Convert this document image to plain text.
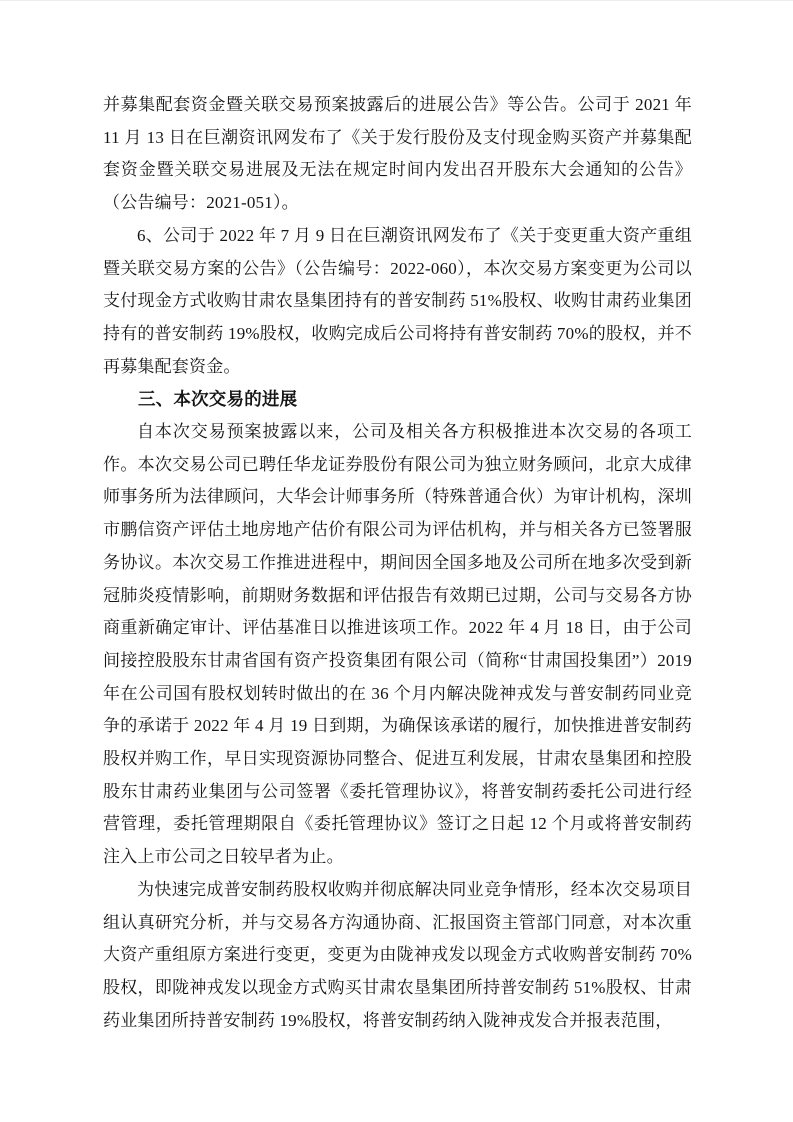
并募集配套资金暨关联交易预案披露后的进展公告》等公告。公司于 2021 年 11 月 13 日在巨潮资讯网发布了《关于发行股份及支付现金购买资产并募集配套资金暨关联交易进展及无法在规定时间内发出召开股东大会通知的公告》（公告编号：2021-051）。

6、公司于 2022 年 7 月 9 日在巨潮资讯网发布了《关于变更重大资产重组暨关联交易方案的公告》（公告编号：2022-060），本次交易方案变更为公司以支付现金方式收购甘肃农垦集团持有的普安制药 51%股权、收购甘肃药业集团持有的普安制药 19%股权，收购完成后公司将持有普安制药 70%的股权，并不再募集配套资金。

三、本次交易的进展

自本次交易预案披露以来，公司及相关各方积极推进本次交易的各项工作。本次交易公司已聘任华龙证券股份有限公司为独立财务顾问，北京大成律师事务所为法律顾问，大华会计师事务所（特殊普通合伙）为审计机构，深圳市鹏信资产评估土地房地产估价有限公司为评估机构，并与相关各方已签署服务协议。本次交易工作推进进程中，期间因全国多地及公司所在地多次受到新冠肺炎疫情影响，前期财务数据和评估报告有效期已过期，公司与交易各方协商重新确定审计、评估基准日以推进该项工作。2022 年 4 月 18 日，由于公司间接控股股东甘肃省国有资产投资集团有限公司（简称“甘肃国投集团”）2019 年在公司国有股权划转时做出的在 36 个月内解决陇神戎发与普安制药同业竞争的承诺于 2022 年 4 月 19 日到期，为确保该承诺的履行，加快推进普安制药股权并购工作，早日实现资源协同整合、促进互利发展，甘肃农垦集团和控股股东甘肃药业集团与公司签署《委托管理协议》，将普安制药委托公司进行经营管理，委托管理期限自《委托管理协议》签订之日起 12 个月或将普安制药注入上市公司之日较早者为止。

为快速完成普安制药股权收购并彻底解决同业竞争情形，经本次交易项目组认真研究分析，并与交易各方沟通协商、汇报国资主管部门同意，对本次重大资产重组原方案进行变更，变更为由陇神戎发以现金方式收购普安制药 70%股权，即陇神戎发以现金方式购买甘肃农垦集团所持普安制药 51%股权、甘肃药业集团所持普安制药 19%股权，将普安制药纳入陇神戎发合并报表范围，
